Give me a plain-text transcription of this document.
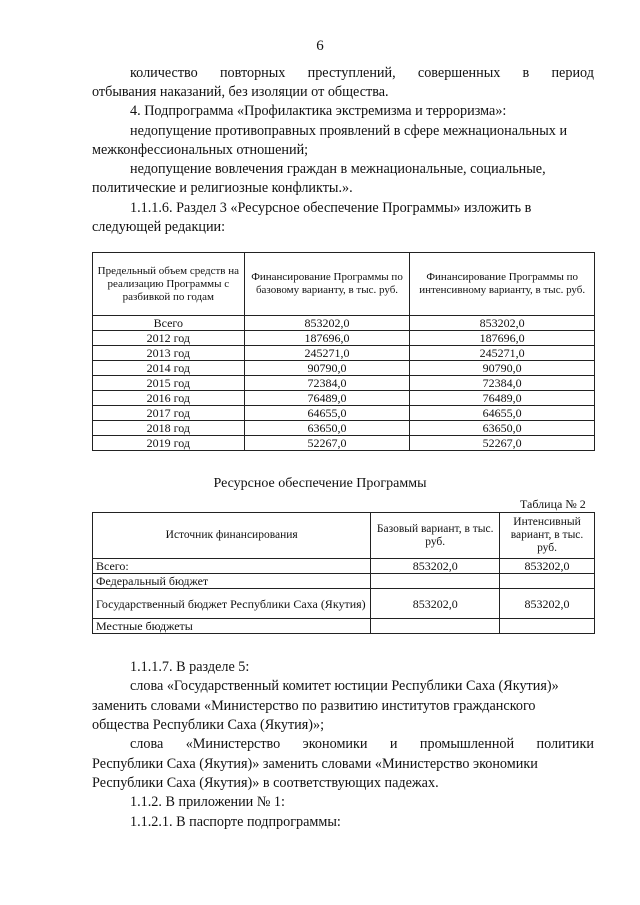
6
количество повторных преступлений, совершенных в период
отбывания наказаний, без изоляции от общества.
4. Подпрограмма «Профилактика экстремизма и терроризма»:
недопущение противоправных проявлений в сфере межнациональных и
межконфессиональных отношений;
недопущение вовлечения граждан в межнациональные, социальные,
политические и религиозные конфликты.».
1.1.1.6. Раздел 3 «Ресурсное обеспечение Программы» изложить в
следующей редакции:
Предельный объем средств на реализацию Программы с разбивкой по годам	Финансирование Программы по базовому варианту, в тыс. руб.	Финансирование Программы по интенсивному варианту, в тыс. руб.
Всего	853202,0	853202,0
2012 год	187696,0	187696,0
2013 год	245271,0	245271,0
2014 год	90790,0	90790,0
2015 год	72384,0	72384,0
2016 год	76489,0	76489,0
2017 год	64655,0	64655,0
2018 год	63650,0	63650,0
2019 год	52267,0	52267,0
Ресурсное обеспечение Программы
Таблица № 2
Источник финансирования	Базовый вариант, в тыс. руб.	Интенсивный вариант, в тыс. руб.
Всего:	853202,0	853202,0
Федеральный бюджет		
Государственный бюджет Республики Саха (Якутия)	853202,0	853202,0
Местные бюджеты		
1.1.1.7. В разделе 5:
слова «Государственный комитет юстиции Республики Саха (Якутия)»
заменить словами «Министерство по развитию институтов гражданского
общества Республики Саха (Якутия)»;
слова «Министерство экономики и промышленной политики
Республики Саха (Якутия)» заменить словами «Министерство экономики
Республики Саха (Якутия)» в соответствующих падежах.
1.1.2. В приложении № 1:
1.1.2.1. В паспорте подпрограммы:
